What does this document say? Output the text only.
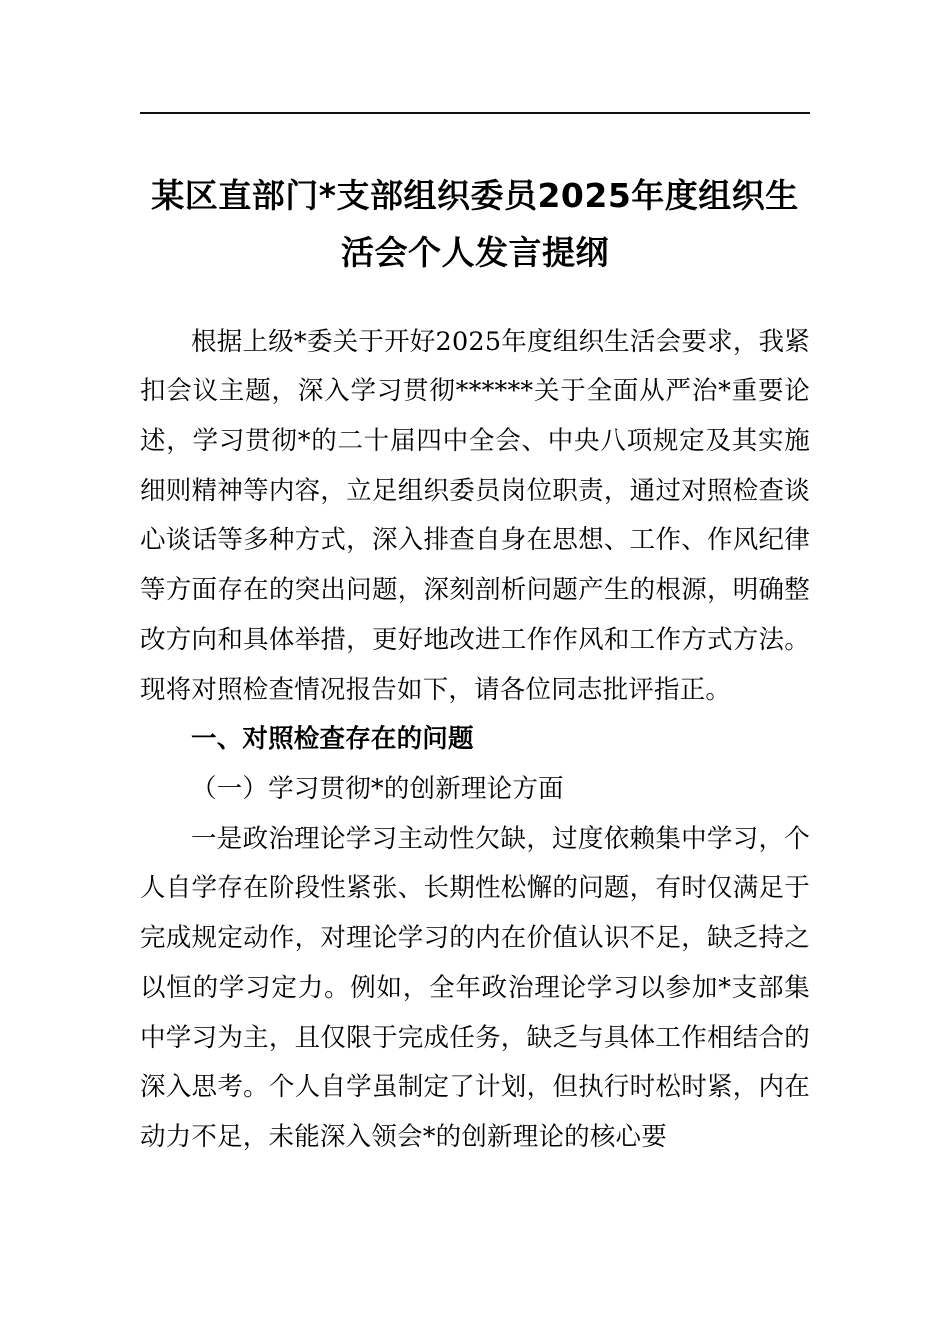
某区直部门*支部组织委员2025年度组织生活会个人发言提纲

根据上级*委关于开好2025年度组织生活会要求，我紧扣会议主题，深入学习贯彻******关于全面从严治*重要论述，学习贯彻*的二十届四中全会、中央八项规定及其实施细则精神等内容，立足组织委员岗位职责，通过对照检查谈心谈话等多种方式，深入排查自身在思想、工作、作风纪律等方面存在的突出问题，深刻剖析问题产生的根源，明确整改方向和具体举措，更好地改进工作作风和工作方式方法。现将对照检查情况报告如下，请各位同志批评指正。

一、对照检查存在的问题
（一）学习贯彻*的创新理论方面

一是政治理论学习主动性欠缺，过度依赖集中学习，个人自学存在阶段性紧张、长期性松懈的问题，有时仅满足于完成规定动作，对理论学习的内在价值认识不足，缺乏持之以恒的学习定力。例如，全年政治理论学习以参加*支部集中学习为主，且仅限于完成任务，缺乏与具体工作相结合的深入思考。个人自学虽制定了计划，但执行时松时紧，内在动力不足，未能深入领会*的创新理论的核心要
